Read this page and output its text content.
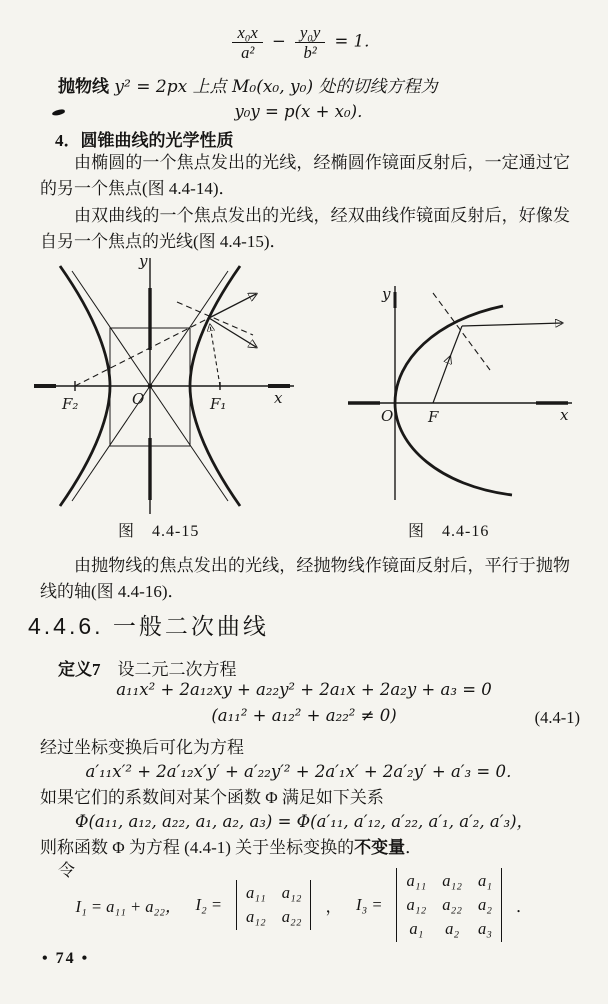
$\frac{\text{x₀x}}{\text{a²}} - \frac{\text{y₀y}}{\text{b²}} = 1$．
抛物线 y² = 2px 上点 M₀(x₀, y₀) 处的切线方程为
y₀y = p(x + x₀)．
4．圆锥曲线的光学性质
由椭圆的一个焦点发出的光线，经椭圆作镜面反射后，一定通过它的另一个焦点(图 4.4-14)．
由双曲线的一个焦点发出的光线，经双曲线作镜面反射后，好像发自另一个焦点的光线(图 4.4-15)．
y
x
O
F₂	F₁
图　4.4-15
y
x
O F
图　4.4-16
由抛物线的焦点发出的光线，经抛物线作镜面反射后，平行于抛物线的轴(图 4.4-16)．
4.4.6. 一般二次曲线
定义7　设二元二次方程
a₁₁x² + 2a₁₂xy + a₂₂y² + 2a₁x + 2a₂y + a₃ = 0
(a₁₁² + a₁₂² + a₂₂² ≠ 0)	(4.4-1)
经过坐标变换后可化为方程
a′₁₁x′² + 2a′₁₂x′y′ + a′₂₂y′² + 2a′₁x′ + 2a′₂y′ + a′₃ = 0．
如果它们的系数间对某个函数 Φ 满足如下关系
Φ(a₁₁, a₁₂, a₂₂, a₁, a₂, a₃) = Φ(a′₁₁, a′₁₂, a′₂₂, a′₁, a′₂, a′₃)，
则称函数 Φ 为方程 (4.4-1) 关于坐标变换的不变量．
令
I₁ = a₁₁ + a₂₂， I₂ =
a₁₁ a₁₂
a₁₂ a₂₂
， I₃ =
a₁₁ a₁₂ a₁
a₁₂ a₂₂ a₂
a₁ a₂ a₃
．
• 74 •
